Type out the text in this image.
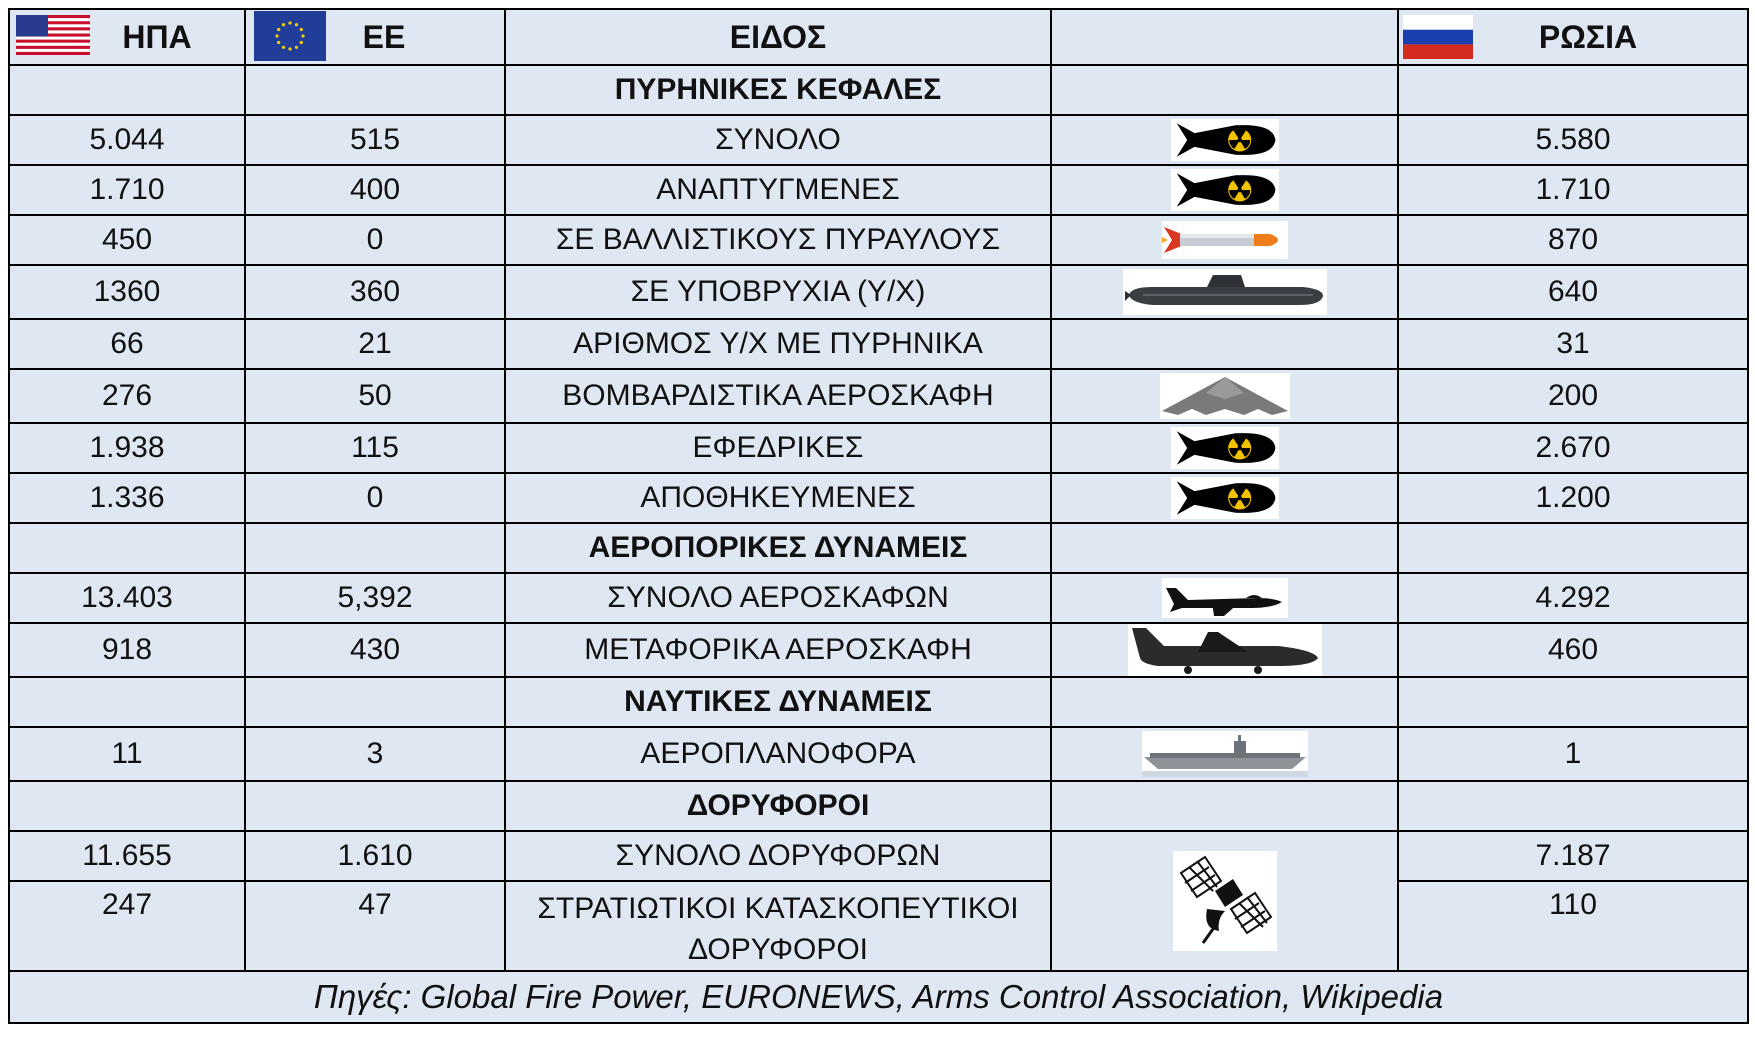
ΗΠΑ	ΕΕ	ΕΙΔΟΣ		ΡΩΣΙΑ

		ΠΥΡΗΝΙΚΕΣ ΚΕΦΑΛΕΣ		
5.044	515	ΣΥΝΟΛΟ		5.580
1.710	400	ΑΝΑΠΤΥΓΜΕΝΕΣ		1.710
450	0	ΣΕ ΒΑΛΛΙΣΤΙΚΟΥΣ ΠΥΡΑΥΛΟΥΣ		870
1360	360	ΣΕ ΥΠΟΒΡΥΧΙΑ (Υ/Χ)		640
66	21	ΑΡΙΘΜΟΣ Υ/Χ ΜΕ ΠΥΡΗΝΙΚΑ		31
276	50	ΒΟΜΒΑΡΔΙΣΤΙΚΑ ΑΕΡΟΣΚΑΦΗ		200
1.938	115	ΕΦΕΔΡΙΚΕΣ		2.670
1.336	0	ΑΠΟΘΗΚΕΥΜΕΝΕΣ		1.200
		ΑΕΡΟΠΟΡΙΚΕΣ ΔΥΝΑΜΕΙΣ		
13.403	5,392	ΣΥΝΟΛΟ ΑΕΡΟΣΚΑΦΩΝ		4.292
918	430	ΜΕΤΑΦΟΡΙΚΑ ΑΕΡΟΣΚΑΦΗ		460
		ΝΑΥΤΙΚΕΣ ΔΥΝΑΜΕΙΣ		
11	3	ΑΕΡΟΠΛΑΝΟΦΟΡΑ		1
		ΔΟΡΥΦΟΡΟΙ		
11.655	1.610	ΣΥΝΟΛΟ ΔΟΡΥΦΟΡΩΝ		7.187
247	47	ΣΤΡΑΤΙΩΤΙΚΟΙ ΚΑΤΑΣΚΟΠΕΥΤΙΚΟΙ
ΔΟΡΥΦΟΡΟΙ		110
Πηγές: Global Fire Power, EURONEWS, Arms Control Association, Wikipedia				
